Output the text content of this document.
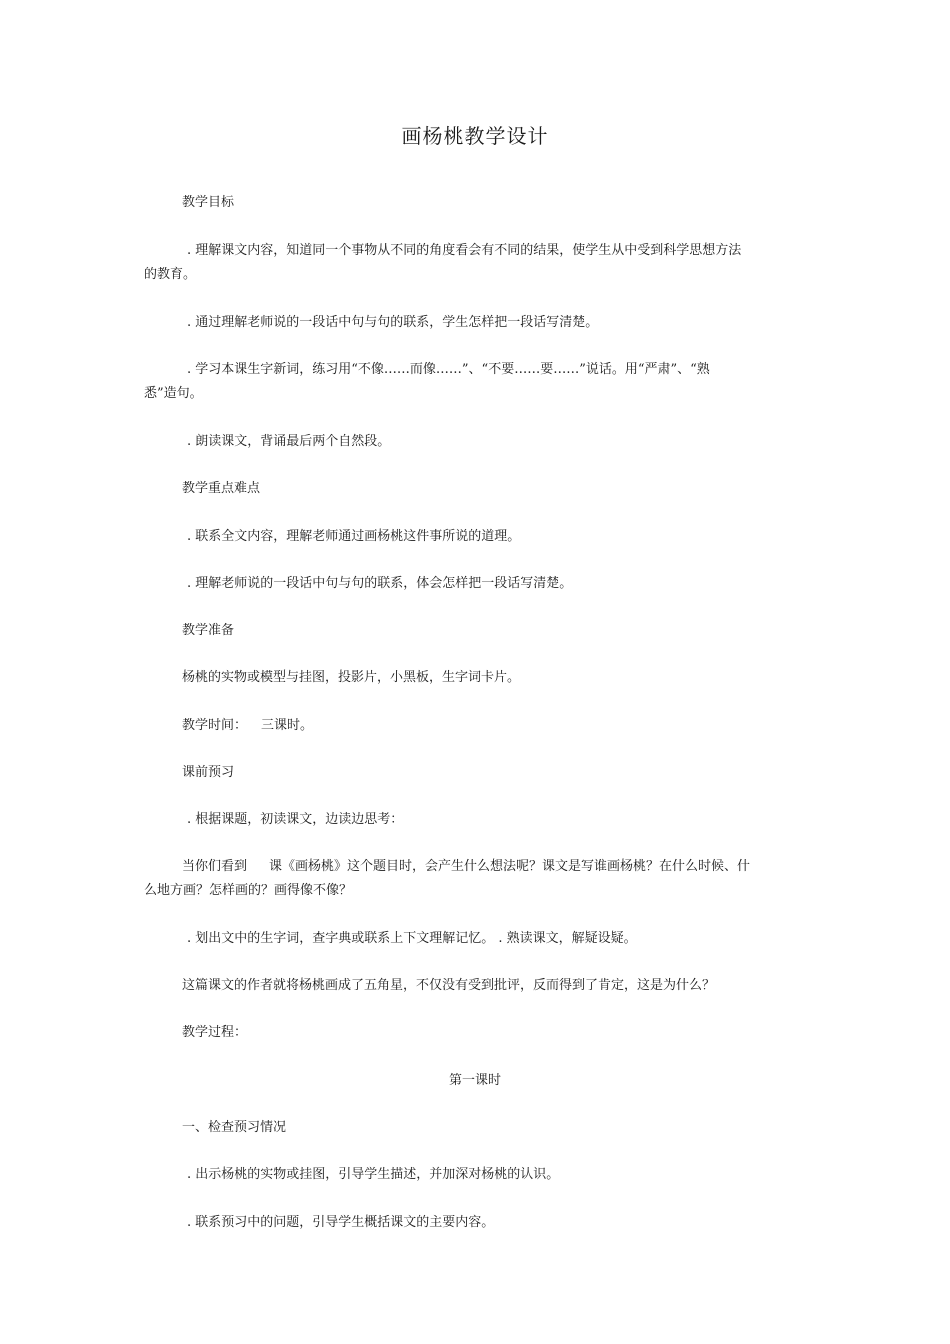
画杨桃教学设计
教学目标
. 理解课文内容，知道同一个事物从不同的角度看会有不同的结果，使学生从中受到科学思想方法
的教育。
. 通过理解老师说的一段话中句与句的联系，学生怎样把一段话写清楚。
. 学习本课生字新词，练习用“不像……而像……”、“不要……要……”说话。用“严肃”、“熟
悉”造句。
. 朗读课文，背诵最后两个自然段。
教学重点难点
. 联系全文内容，理解老师通过画杨桃这件事所说的道理。
. 理解老师说的一段话中句与句的联系，体会怎样把一段话写清楚。
教学准备
杨桃的实物或模型与挂图，投影片，小黑板，生字词卡片。
教学时间： 三课时。
课前预习
. 根据课题，初读课文，边读边思考：
当你们看到 课《画杨桃》这个题目时，会产生什么想法呢？课文是写谁画杨桃？在什么时候、什
么地方画？怎样画的？画得像不像？
. 划出文中的生字词，查字典或联系上下文理解记忆。 . 熟读课文，解疑设疑。
这篇课文的作者就将杨桃画成了五角星，不仅没有受到批评，反而得到了肯定，这是为什么？
教学过程：
第一课时
一、检查预习情况
. 出示杨桃的实物或挂图，引导学生描述，并加深对杨桃的认识。
. 联系预习中的问题，引导学生概括课文的主要内容。
